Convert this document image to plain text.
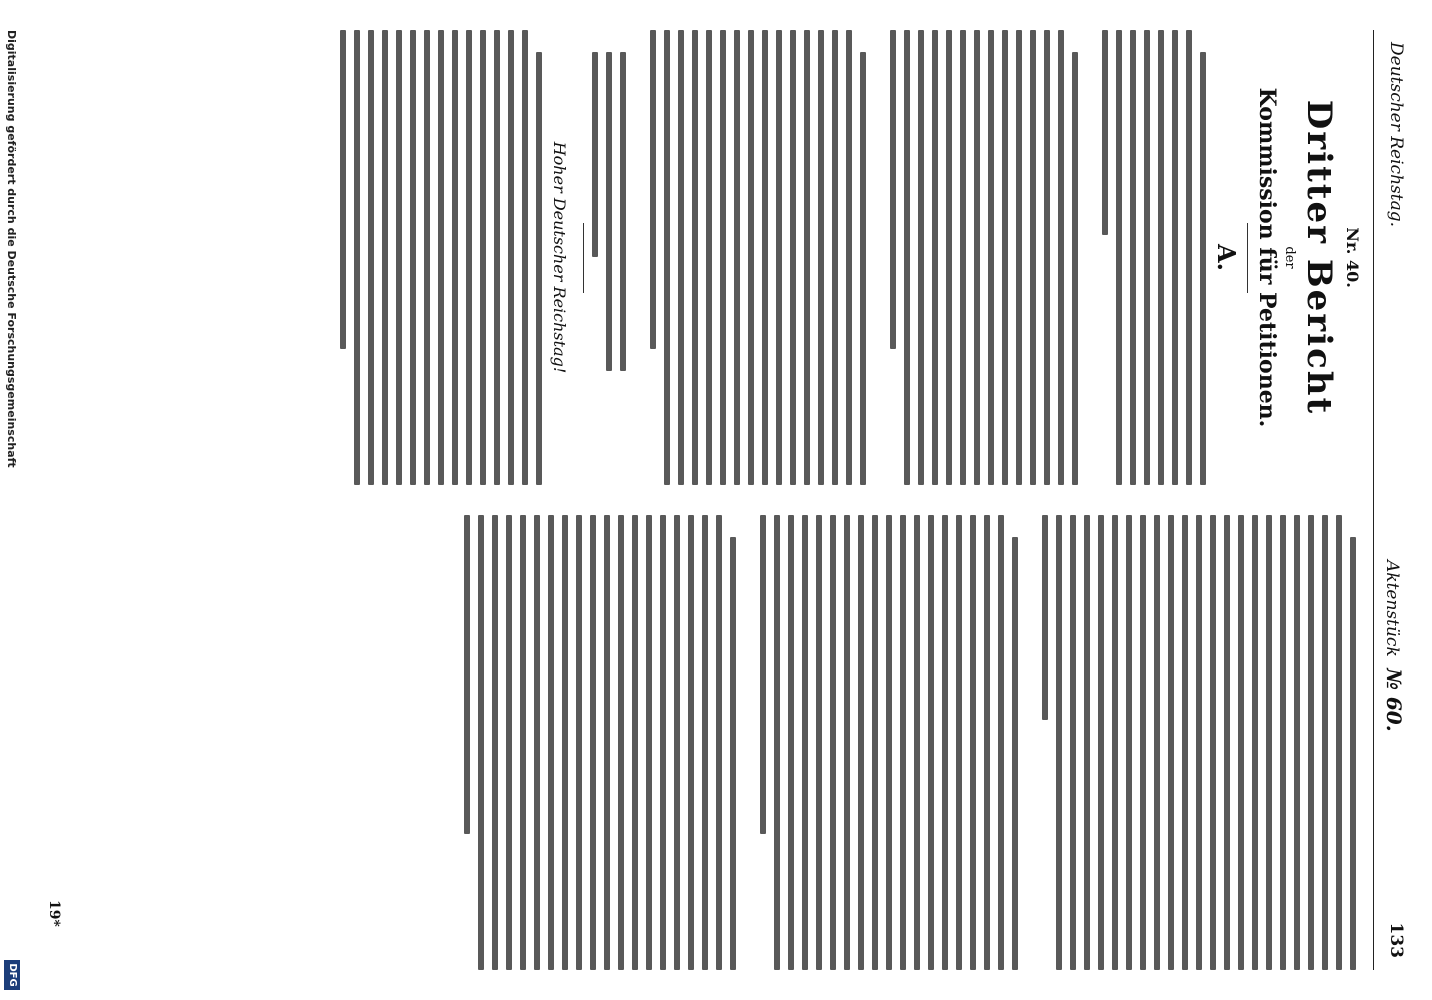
Deutscher Reichstag.
Aktenstück № 60.
133
Nr. 40.
Dritter Bericht
der
Kommission für Petitionen.
A.
Hoher Deutscher Reichstag!
19*
Digitalisierung gefördert durch die Deutsche Forschungsgemeinschaft
DFG
